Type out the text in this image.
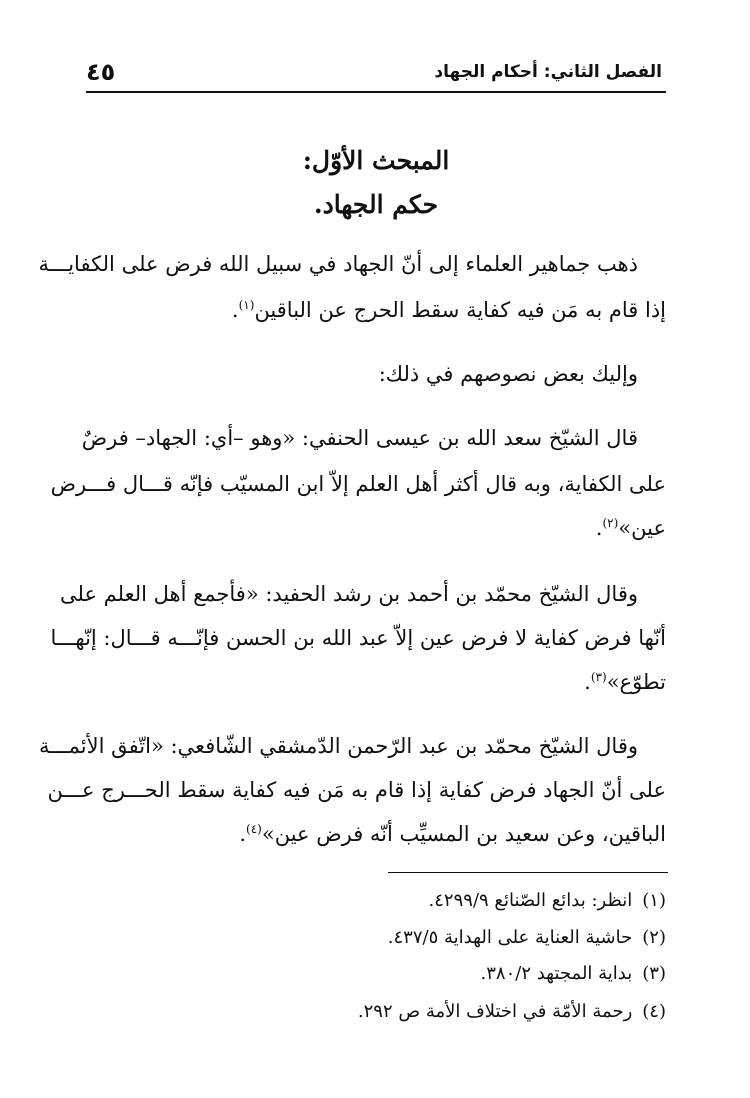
الفصل الثاني: أحكام الجهاد
٤٥
المبحث الأوّل:
حكم الجهاد.
ذهب جماهير العلماء إلى أنّ الجهاد في سبيل الله فرض على الكفايـــة
إذا قام به مَن فيه كفاية سقط الحرج عن الباقين$^{(١)}$.
وإليك بعض نصوصهم في ذلك:
قال الشيّخ سعد الله بن عيسى الحنفي: «وهو –أي: الجهاد– فرضٌ
على الكفاية، وبه قال أكثر أهل العلم إلاّ ابن المسيّب فإنّه قـــال فـــرض
عين»$^{(٢)}$.
وقال الشيّخ محمّد بن أحمد بن رشد الحفيد: «فأجمع أهل العلم على
أنّها فرض كفاية لا فرض عين إلاّ عبد الله بن الحسن فإنّـــه قـــال: إنّهـــا
تطوّع»$^{(٣)}$.
وقال الشيّخ محمّد بن عبد الرّحمن الدّمشقي الشّافعي: «اتّفق الأئمـــة
على أنّ الجهاد فرض كفاية إذا قام به مَن فيه كفاية سقط الحـــرج عـــن
الباقين، وعن سعيد بن المسيِّب أنّه فرض عين»$^{(٤)}$.
(١)انظر: بدائع الصّنائع ٤٢٩٩/٩.
(٢)حاشية العناية على الهداية ٤٣٧/٥.
(٣)بداية المجتهد ٣٨٠/٢.
(٤)رحمة الأمّة في اختلاف الأمة ص ٢٩٢.
